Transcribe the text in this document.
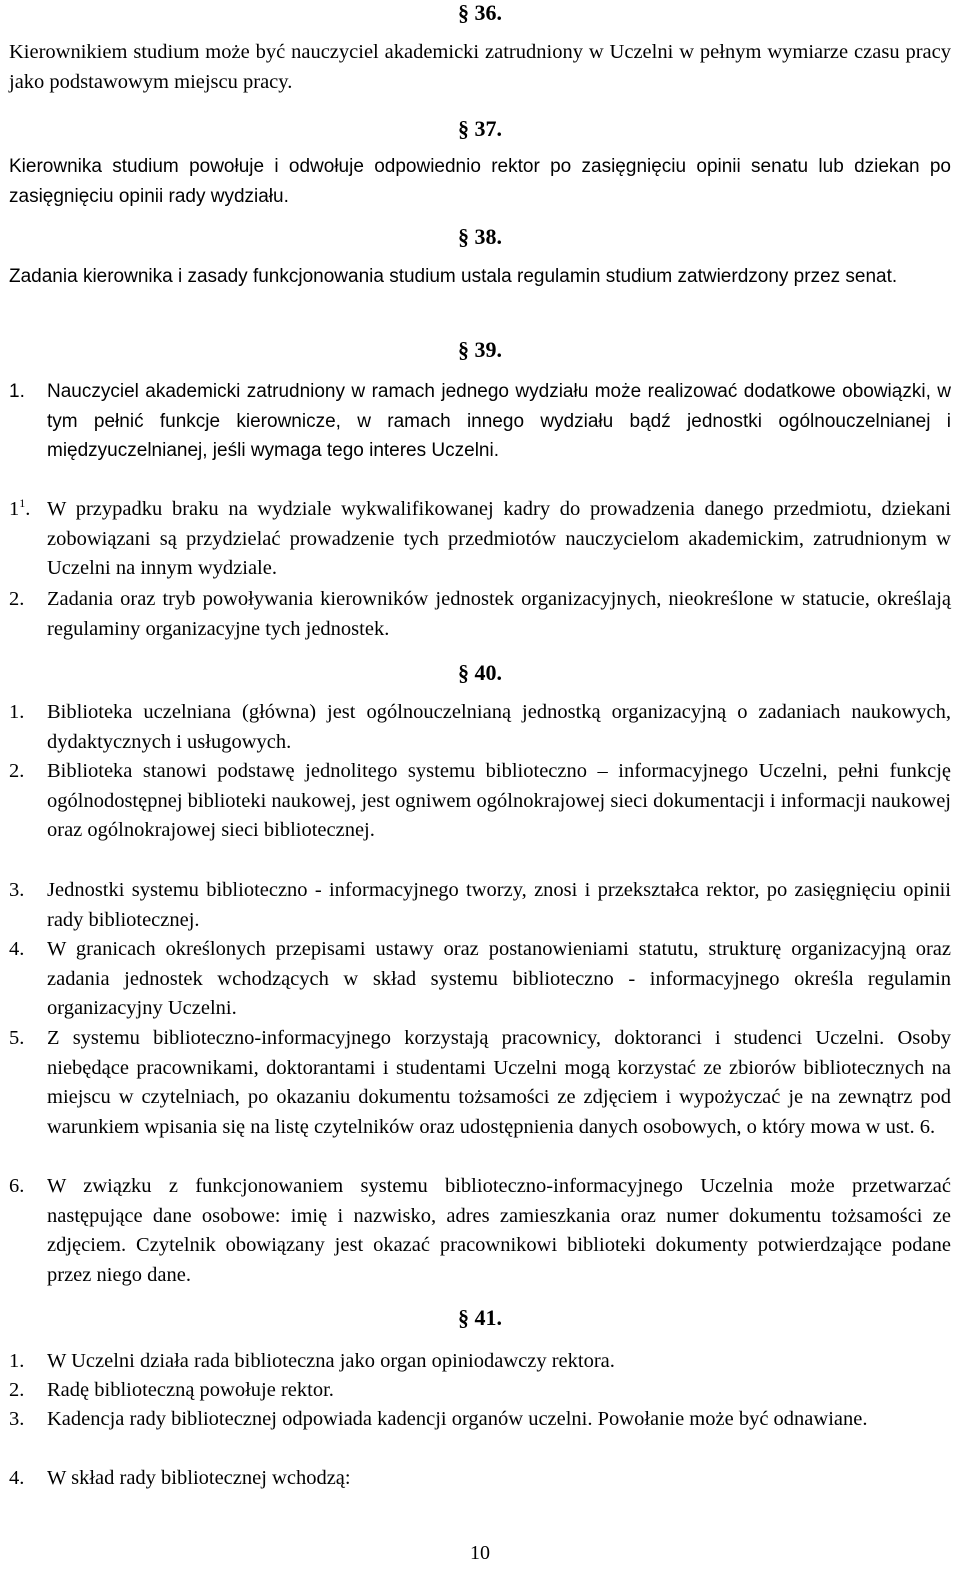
§ 36.
Kierownikiem studium może być nauczyciel akademicki zatrudniony w Uczelni w pełnym wymiarze czasu pracy jako podstawowym miejscu pracy.
§ 37.
Kierownika studium powołuje i odwołuje odpowiednio rektor po zasięgnięciu opinii senatu lub dziekan po zasięgnięciu opinii rady wydziału.
§ 38.
Zadania kierownika i zasady funkcjonowania studium ustala regulamin studium zatwierdzony przez senat.
§ 39.
1. Nauczyciel akademicki zatrudniony w ramach jednego wydziału może realizować dodatkowe obowiązki, w tym pełnić funkcje kierownicze, w ramach innego wydziału bądź jednostki ogólnouczelnianej i międzyuczelnianej, jeśli wymaga tego interes Uczelni.
$1^1$. W przypadku braku na wydziale wykwalifikowanej kadry do prowadzenia danego przedmiotu, dziekani zobowiązani są przydzielać prowadzenie tych przedmiotów nauczycielom akademickim, zatrudnionym w Uczelni na innym wydziale.
2. Zadania oraz tryb powoływania kierowników jednostek organizacyjnych, nieokreślone w statucie, określają regulaminy organizacyjne tych jednostek.
§ 40.
1. Biblioteka uczelniana (główna) jest ogólnouczelnianą jednostką organizacyjną o zadaniach naukowych, dydaktycznych i usługowych.
2. Biblioteka stanowi podstawę jednolitego systemu biblioteczno – informacyjnego Uczelni, pełni funkcję ogólnodostępnej biblioteki naukowej, jest ogniwem ogólnokrajowej sieci dokumentacji i informacji naukowej oraz ogólnokrajowej sieci bibliotecznej.
3. Jednostki systemu biblioteczno - informacyjnego tworzy, znosi i przekształca rektor, po zasięgnięciu opinii rady bibliotecznej.
4. W granicach określonych przepisami ustawy oraz postanowieniami statutu, strukturę organizacyjną oraz zadania jednostek wchodzących w skład systemu biblioteczno - informacyjnego określa regulamin organizacyjny Uczelni.
5. Z systemu biblioteczno-informacyjnego korzystają pracownicy, doktoranci i studenci Uczelni. Osoby niebędące pracownikami, doktorantami i studentami Uczelni mogą korzystać ze zbiorów bibliotecznych na miejscu w czytelniach, po okazaniu dokumentu tożsamości ze zdjęciem i wypożyczać je na zewnątrz pod warunkiem wpisania się na listę czytelników oraz udostępnienia danych osobowych, o który mowa w ust. 6.
6. W związku z funkcjonowaniem systemu biblioteczno-informacyjnego Uczelnia może przetwarzać następujące dane osobowe: imię i nazwisko, adres zamieszkania oraz numer dokumentu tożsamości ze zdjęciem. Czytelnik obowiązany jest okazać pracownikowi biblioteki dokumenty potwierdzające podane przez niego dane.
§ 41.
1. W Uczelni działa rada biblioteczna jako organ opiniodawczy rektora.
2. Radę biblioteczną powołuje rektor.
3. Kadencja rady bibliotecznej odpowiada kadencji organów uczelni. Powołanie może być odnawiane.
4. W skład rady bibliotecznej wchodzą:
10
